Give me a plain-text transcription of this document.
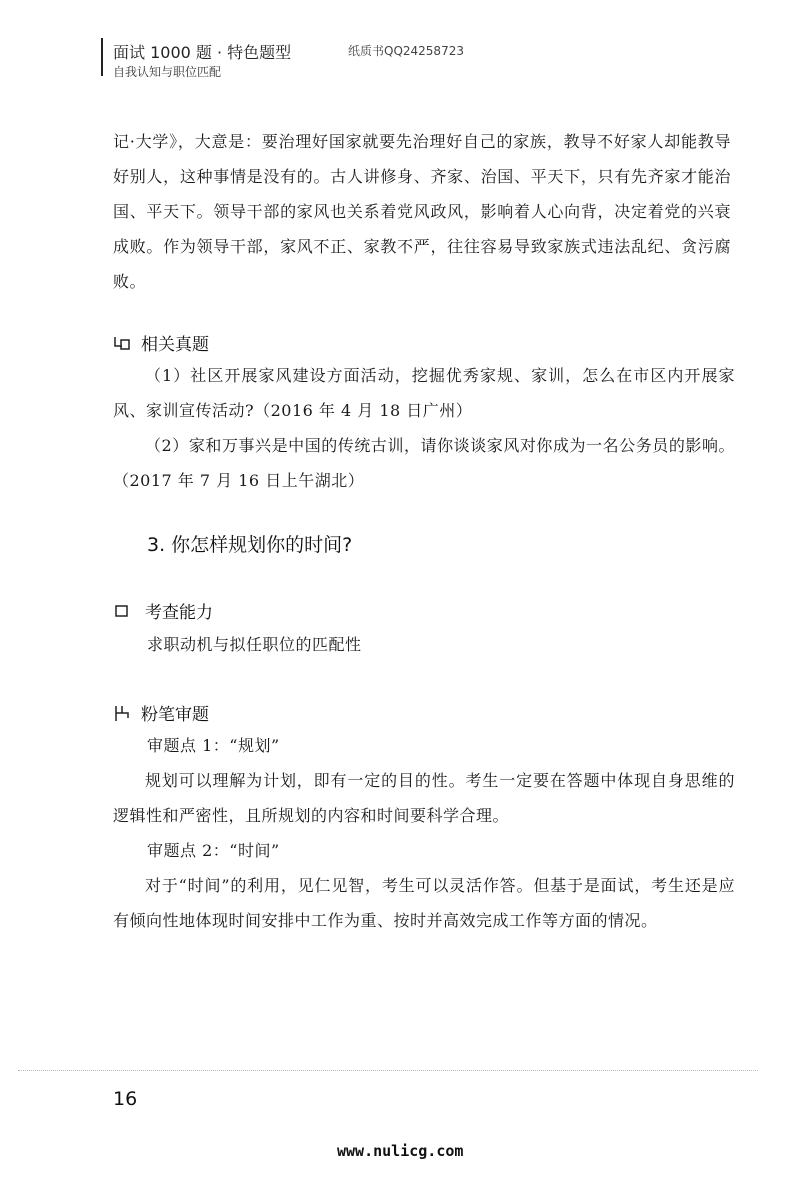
面试 1000 题 · 特色题型
自我认知与职位匹配
纸质书QQ24258723
记·大学》，大意是：要治理好国家就要先治理好自己的家族，教导不好家人却能教导好别人，这种事情是没有的。古人讲修身、齐家、治国、平天下，只有先齐家才能治国、平天下。领导干部的家风也关系着党风政风，影响着人心向背，决定着党的兴衰成败。作为领导干部，家风不正、家教不严，往往容易导致家族式违法乱纪、贪污腐败。
相关真题
（1）社区开展家风建设方面活动，挖掘优秀家规、家训，怎么在市区内开展家风、家训宣传活动?（2016 年 4 月 18 日广州）
（2）家和万事兴是中国的传统古训，请你谈谈家风对你成为一名公务员的影响。（2017 年 7 月 16 日上午湖北）
3. 你怎样规划你的时间?
考查能力
求职动机与拟任职位的匹配性
粉笔审题
审题点 1：“规划”
规划可以理解为计划，即有一定的目的性。考生一定要在答题中体现自身思维的逻辑性和严密性，且所规划的内容和时间要科学合理。
审题点 2：“时间”
对于“时间”的利用，见仁见智，考生可以灵活作答。但基于是面试，考生还是应有倾向性地体现时间安排中工作为重、按时并高效完成工作等方面的情况。
16
www.nulicg.com
